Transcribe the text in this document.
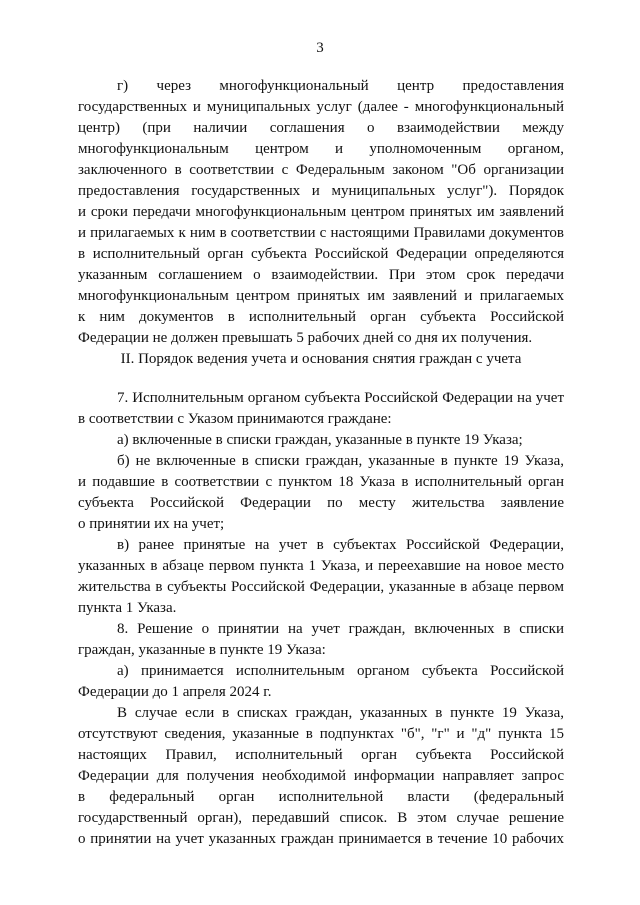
3
г) через многофункциональный центр предоставления
государственных и муниципальных услуг (далее - многофункциональный
центр) (при наличии соглашения о взаимодействии между
многофункциональным центром и уполномоченным органом,
заключенного в соответствии с Федеральным законом "Об организации
предоставления государственных и муниципальных услуг"). Порядок
и сроки передачи многофункциональным центром принятых им заявлений
и прилагаемых к ним в соответствии с настоящими Правилами документов
в исполнительный орган субъекта Российской Федерации определяются
указанным соглашением о взаимодействии. При этом срок передачи
многофункциональным центром принятых им заявлений и прилагаемых
к ним документов в исполнительный орган субъекта Российской
Федерации не должен превышать 5 рабочих дней со дня их получения.
II. Порядок ведения учета и основания снятия граждан с учета
7. Исполнительным органом субъекта Российской Федерации на учет
в соответствии с Указом принимаются граждане:
а) включенные в списки граждан, указанные в пункте 19 Указа;
б) не включенные в списки граждан, указанные в пункте 19 Указа,
и подавшие в соответствии с пунктом 18 Указа в исполнительный орган
субъекта Российской Федерации по месту жительства заявление
о принятии их на учет;
в) ранее принятые на учет в субъектах Российской Федерации,
указанных в абзаце первом пункта 1 Указа, и переехавшие на новое место
жительства в субъекты Российской Федерации, указанные в абзаце первом
пункта 1 Указа.
8. Решение о принятии на учет граждан, включенных в списки
граждан, указанные в пункте 19 Указа:
а) принимается исполнительным органом субъекта Российской
Федерации до 1 апреля 2024 г.
В случае если в списках граждан, указанных в пункте 19 Указа,
отсутствуют сведения, указанные в подпунктах "б", "г" и "д" пункта 15
настоящих Правил, исполнительный орган субъекта Российской
Федерации для получения необходимой информации направляет запрос
в федеральный орган исполнительной власти (федеральный
государственный орган), передавший список. В этом случае решение
о принятии на учет указанных граждан принимается в течение 10 рабочих
